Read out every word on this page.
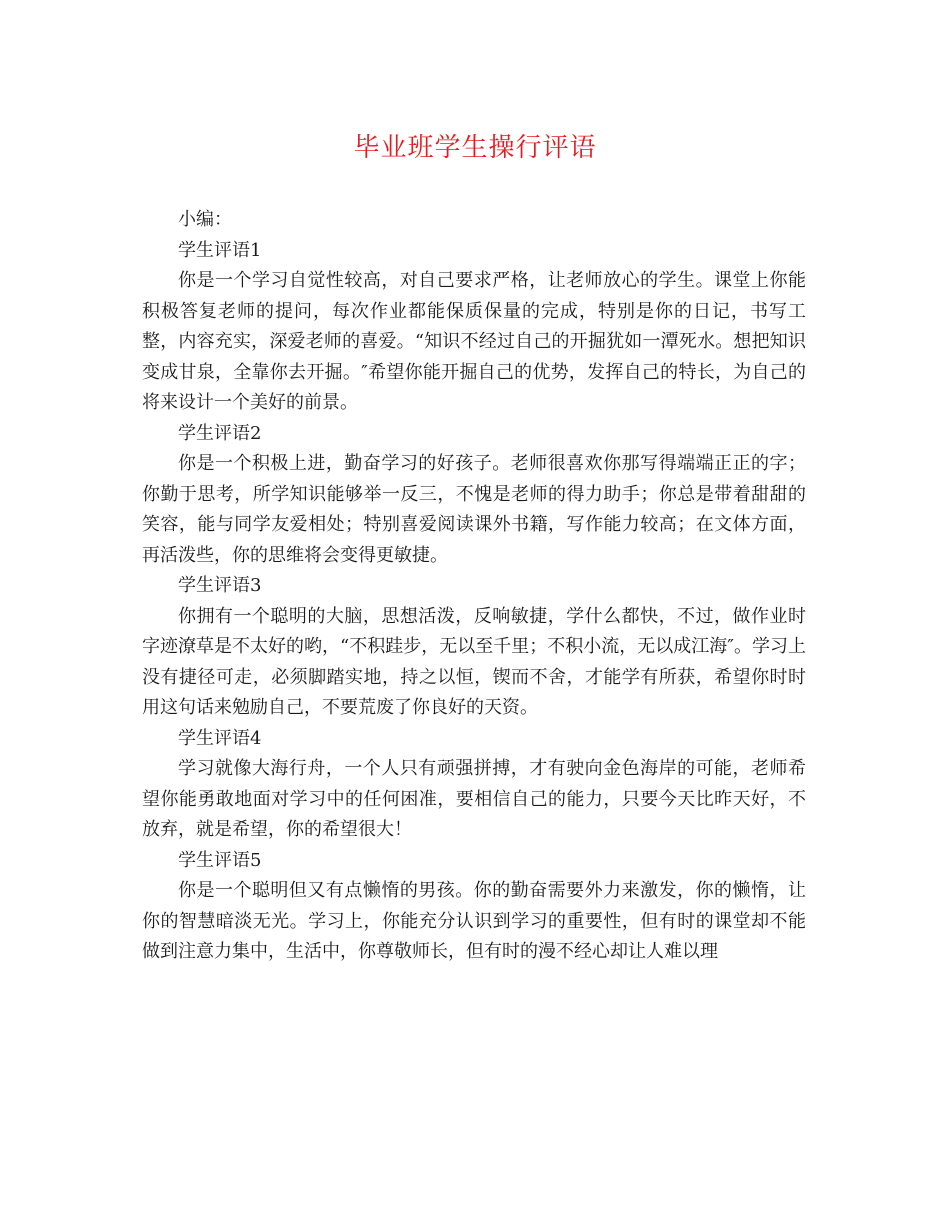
毕业班学生操行评语

小编：

学生评语1

你是一个学习自觉性较高，对自己要求严格，让老师放心的学生。课堂上你能积极答复老师的提问，每次作业都能保质保量的完成，特别是你的日记，书写工整，内容充实，深爱老师的喜爱。“知识不经过自己的开掘犹如一潭死水。想把知识变成甘泉，全靠你去开掘。″希望你能开掘自己的优势，发挥自己的特长，为自己的将来设计一个美好的前景。

学生评语2

你是一个积极上进，勤奋学习的好孩子。老师很喜欢你那写得端端正正的字；你勤于思考，所学知识能够举一反三，不愧是老师的得力助手；你总是带着甜甜的笑容，能与同学友爱相处；特别喜爱阅读课外书籍，写作能力较高；在文体方面，再活泼些，你的思维将会变得更敏捷。

学生评语3

你拥有一个聪明的大脑，思想活泼，反响敏捷，学什么都快，不过，做作业时字迹潦草是不太好的哟，“不积跬步，无以至千里；不积小流，无以成江海″。学习上没有捷径可走，必须脚踏实地，持之以恒，锲而不舍，才能学有所获，希望你时时用这句话来勉励自己，不要荒废了你良好的天资。

学生评语4

学习就像大海行舟，一个人只有顽强拼搏，才有驶向金色海岸的可能，老师希望你能勇敢地面对学习中的任何困准，要相信自己的能力，只要今天比昨天好，不放弃，就是希望，你的希望很大！

学生评语5

你是一个聪明但又有点懒惰的男孩。你的勤奋需要外力来激发，你的懒惰，让你的智慧暗淡无光。学习上，你能充分认识到学习的重要性，但有时的课堂却不能做到注意力集中，生活中，你尊敬师长，但有时的漫不经心却让人难以理
